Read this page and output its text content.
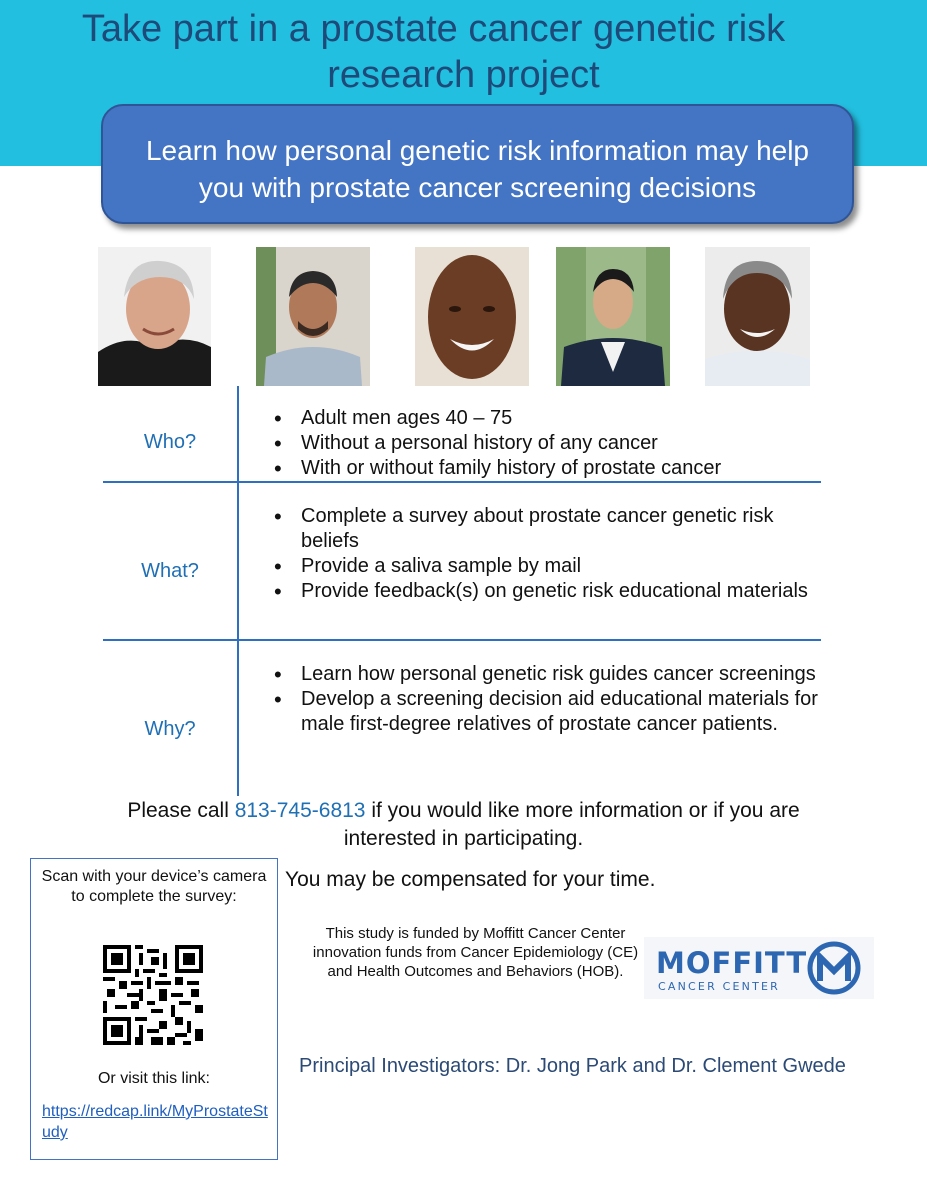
Take part in a prostate cancer genetic risk
research project
Learn how personal genetic risk information may help
you with prostate cancer screening decisions
Who?
• Adult men ages 40 – 75
• Without a personal history of any cancer
• With or without family history of prostate cancer
What?
• Complete a survey about prostate cancer genetic risk beliefs
• Provide a saliva sample by mail
• Provide feedback(s) on genetic risk educational materials
Why?
• Learn how personal genetic risk guides cancer screenings
• Develop a screening decision aid educational materials for male first-degree relatives of prostate cancer patients.
Please call 813-745-6813 if you would like more information or if you are interested in participating.
You may be compensated for your time.
Scan with your device’s camera to complete the survey:
Or visit this link:
https://redcap.link/MyProstateStudy
This study is funded by Moffitt Cancer Center innovation funds from Cancer Epidemiology (CE) and Health Outcomes and Behaviors (HOB).	MOFFITT
CANCER CENTER
Principal Investigators: Dr. Jong Park and Dr. Clement Gwede
